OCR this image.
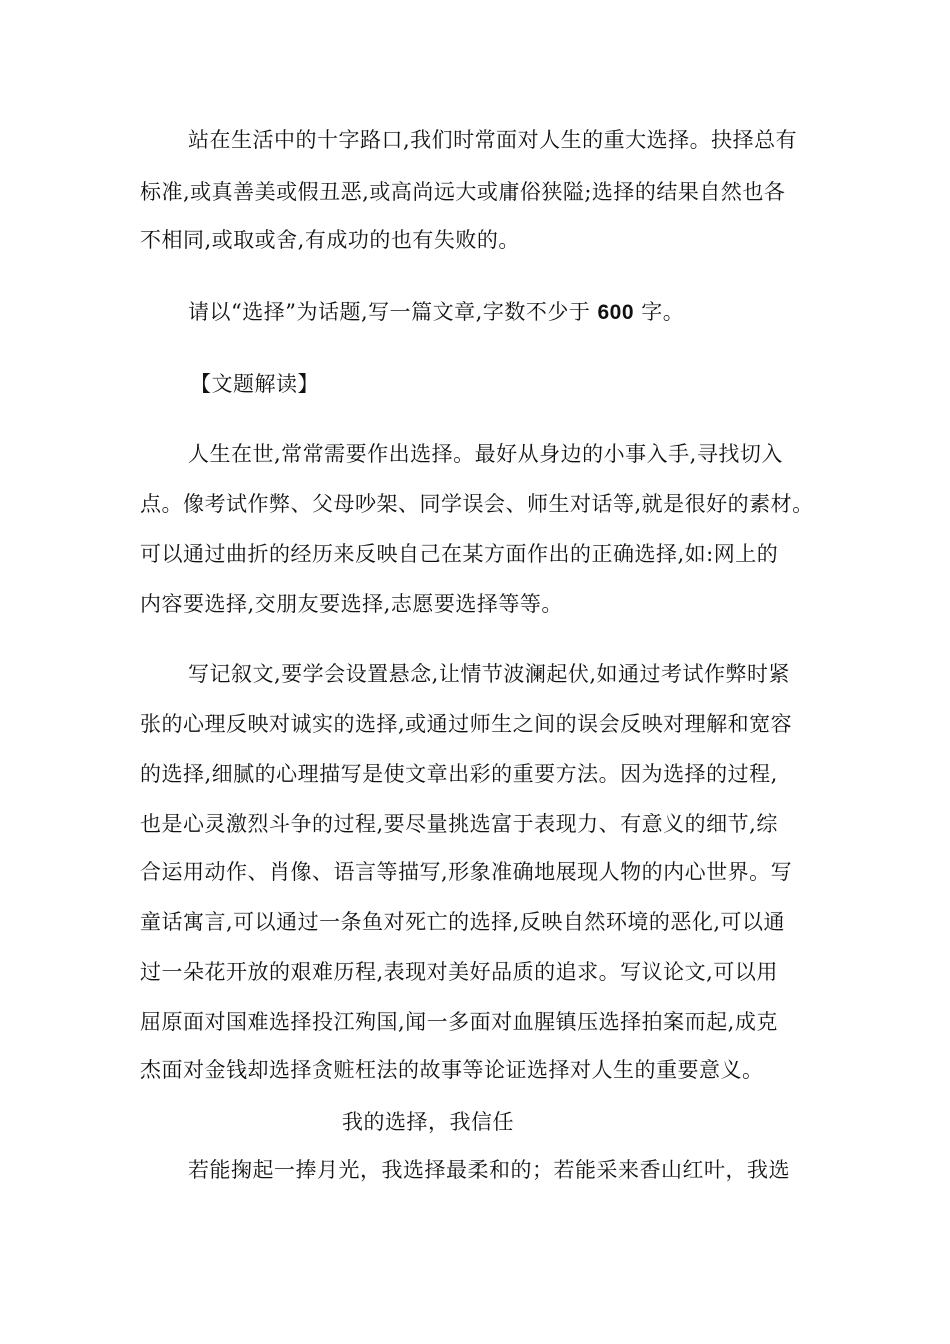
站在生活中的十字路口,我们时常面对人生的重大选择。抉择总有
标准,或真善美或假丑恶,或高尚远大或庸俗狭隘;选择的结果自然也各
不相同,或取或舍,有成功的也有失败的。
请以“选择”为话题,写一篇文章,字数不少于 600 字。
【文题解读】
人生在世,常常需要作出选择。最好从身边的小事入手,寻找切入
点。像考试作弊、父母吵架、同学误会、师生对话等,就是很好的素材。
可以通过曲折的经历来反映自己在某方面作出的正确选择,如:网上的
内容要选择,交朋友要选择,志愿要选择等等。
写记叙文,要学会设置悬念,让情节波澜起伏,如通过考试作弊时紧
张的心理反映对诚实的选择,或通过师生之间的误会反映对理解和宽容
的选择,细腻的心理描写是使文章出彩的重要方法。因为选择的过程,
也是心灵激烈斗争的过程,要尽量挑选富于表现力、有意义的细节,综
合运用动作、肖像、语言等描写,形象准确地展现人物的内心世界。写
童话寓言,可以通过一条鱼对死亡的选择,反映自然环境的恶化,可以通
过一朵花开放的艰难历程,表现对美好品质的追求。写议论文,可以用
屈原面对国难选择投江殉国,闻一多面对血腥镇压选择拍案而起,成克
杰面对金钱却选择贪赃枉法的故事等论证选择对人生的重要意义。
我的选择，我信任
若能掬起一捧月光，我选择最柔和的；若能采来香山红叶，我选
